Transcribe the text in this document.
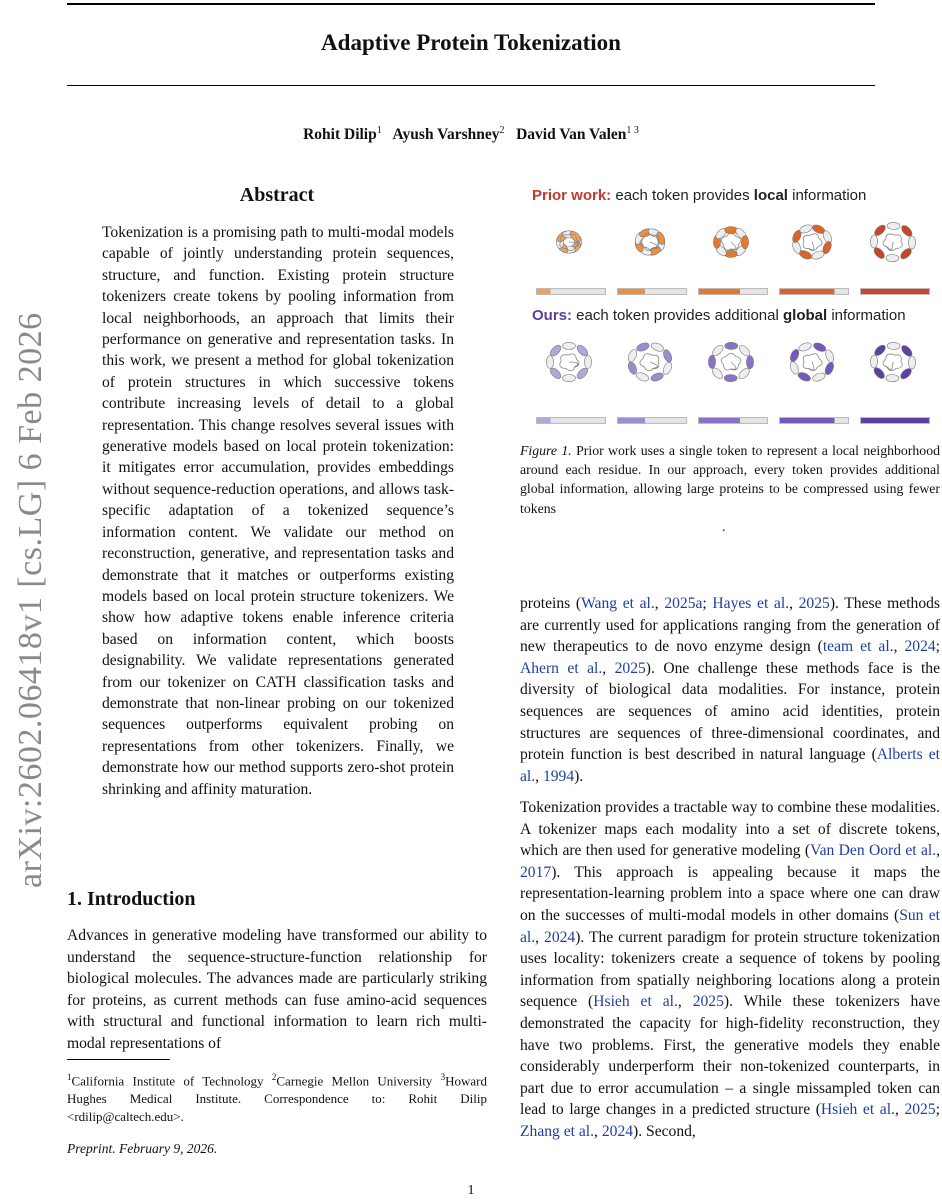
Adaptive Protein Tokenization
Rohit Dilip$^1$ Ayush Varshney$^2$ David Van Valen$^{1 3}$
arXiv:2602.06418v1 [cs.LG] 6 Feb 2026
Abstract

Tokenization is a promising path to multi-modal models capable of jointly understanding protein sequences, structure, and function. Existing protein structure tokenizers create tokens by pooling information from local neighborhoods, an approach that limits their performance on generative and representation tasks. In this work, we present a method for global tokenization of protein structures in which successive tokens contribute increasing levels of detail to a global representation. This change resolves several issues with generative models based on local protein tokenization: it mitigates error accumulation, provides embeddings without sequence-reduction operations, and allows task-specific adaptation of a tokenized sequence’s information content. We validate our method on reconstruction, generative, and representation tasks and demonstrate that it matches or outperforms existing models based on local protein structure tokenizers. We show how adaptive tokens enable inference criteria based on information content, which boosts designability. We validate representations generated from our tokenizer on CATH classification tasks and demonstrate that non-linear probing on our tokenized sequences outperforms equivalent probing on representations from other tokenizers. Finally, we demonstrate how our method supports zero-shot protein shrinking and affinity maturation.

1. Introduction

Advances in generative modeling have transformed our ability to understand the sequence-structure-function relationship for biological molecules. The advances made are particularly striking for proteins, as current methods can fuse amino-acid sequences with structural and functional information to learn rich multi-modal representations of

$^1$California Institute of Technology $^2$Carnegie Mellon University $^3$Howard Hughes Medical Institute. Correspondence to: Rohit Dilip <rdilip@caltech.edu>.
Preprint. February 9, 2026.
1
Prior work: each token provides local information
Ours: each token provides additional global information
Figure 1. Prior work uses a single token to represent a local neighborhood around each residue. In our approach, every token provides additional global information, allowing large proteins to be compressed using fewer tokens
.

proteins (Wang et al., 2025a; Hayes et al., 2025). These methods are currently used for applications ranging from the generation of new therapeutics to de novo enzyme design (team et al., 2024; Ahern et al., 2025). One challenge these methods face is the diversity of biological data modalities. For instance, protein sequences are sequences of amino acid identities, protein structures are sequences of three-dimensional coordinates, and protein function is best described in natural language (Alberts et al., 1994).

Tokenization provides a tractable way to combine these modalities. A tokenizer maps each modality into a set of discrete tokens, which are then used for generative modeling (Van Den Oord et al., 2017). This approach is appealing because it maps the representation-learning problem into a space where one can draw on the successes of multi-modal models in other domains (Sun et al., 2024). The current paradigm for protein structure tokenization uses locality: tokenizers create a sequence of tokens by pooling information from spatially neighboring locations along a protein sequence (Hsieh et al., 2025). While these tokenizers have demonstrated the capacity for high-fidelity reconstruction, they have two problems. First, the generative models they enable considerably underperform their non-tokenized counterparts, in part due to error accumulation – a single missampled token can lead to large changes in a predicted structure (Hsieh et al., 2025; Zhang et al., 2024). Second,
